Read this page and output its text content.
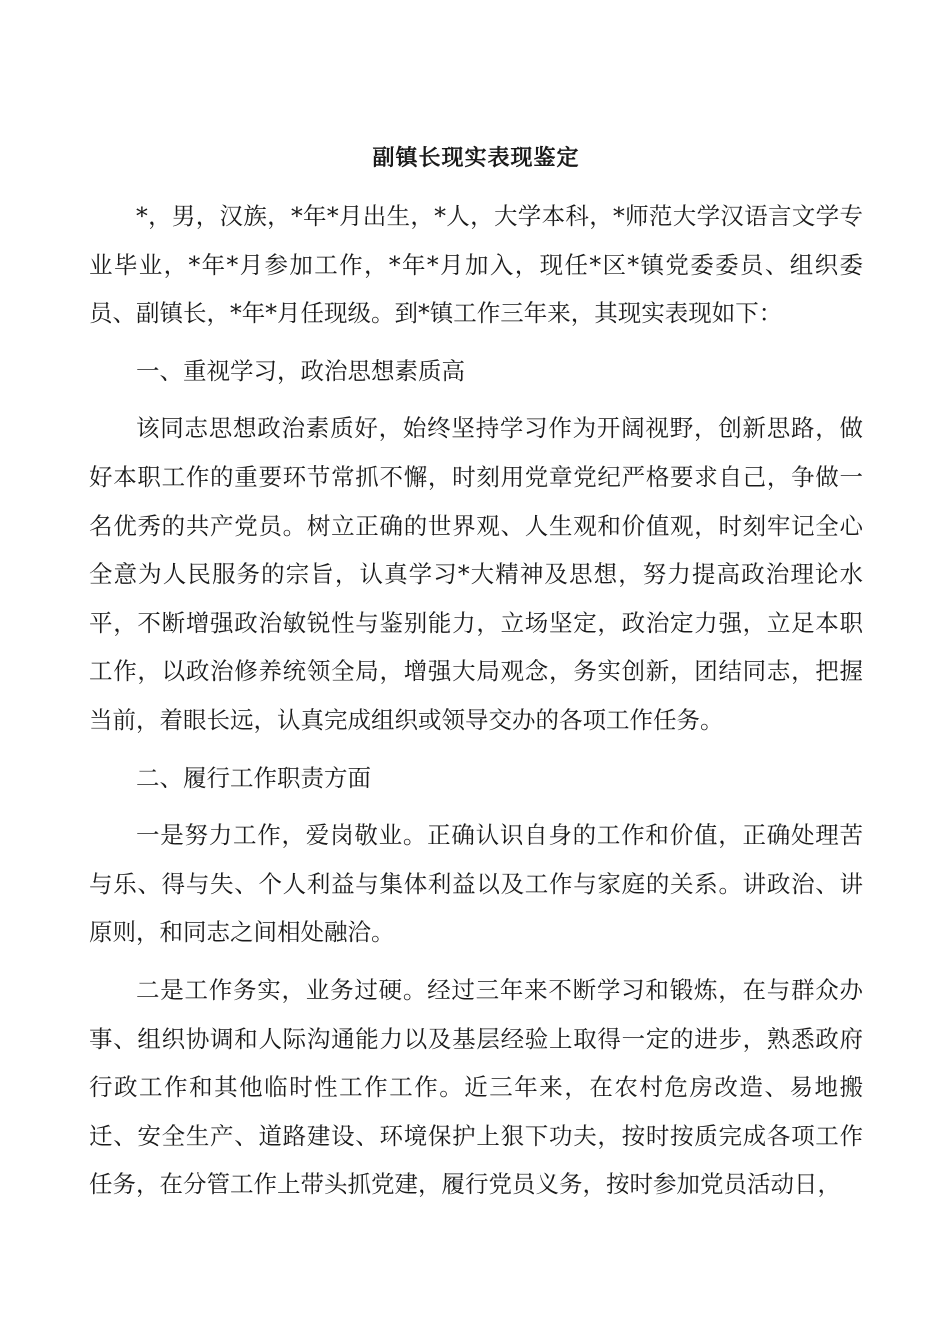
副镇长现实表现鉴定

*，男，汉族，*年*月出生，*人，大学本科，*师范大学汉语言文学专业毕业，*年*月参加工作，*年*月加入，现任*区*镇党委委员、组织委员、副镇长，*年*月任现级。到*镇工作三年来，其现实表现如下：

一、重视学习，政治思想素质高

该同志思想政治素质好，始终坚持学习作为开阔视野，创新思路，做好本职工作的重要环节常抓不懈，时刻用党章党纪严格要求自己，争做一名优秀的共产党员。树立正确的世界观、人生观和价值观，时刻牢记全心全意为人民服务的宗旨，认真学习*大精神及思想，努力提高政治理论水平，不断增强政治敏锐性与鉴别能力，立场坚定，政治定力强，立足本职工作，以政治修养统领全局，增强大局观念，务实创新，团结同志，把握当前，着眼长远，认真完成组织或领导交办的各项工作任务。

二、履行工作职责方面

一是努力工作，爱岗敬业。正确认识自身的工作和价值，正确处理苦与乐、得与失、个人利益与集体利益以及工作与家庭的关系。讲政治、讲原则，和同志之间相处融洽。

二是工作务实，业务过硬。经过三年来不断学习和锻炼，在与群众办事、组织协调和人际沟通能力以及基层经验上取得一定的进步，熟悉政府行政工作和其他临时性工作工作。近三年来，在农村危房改造、易地搬迁、安全生产、道路建设、环境保护上狠下功夫，按时按质完成各项工作任务，在分管工作上带头抓党建，履行党员义务，按时参加党员活动日，
